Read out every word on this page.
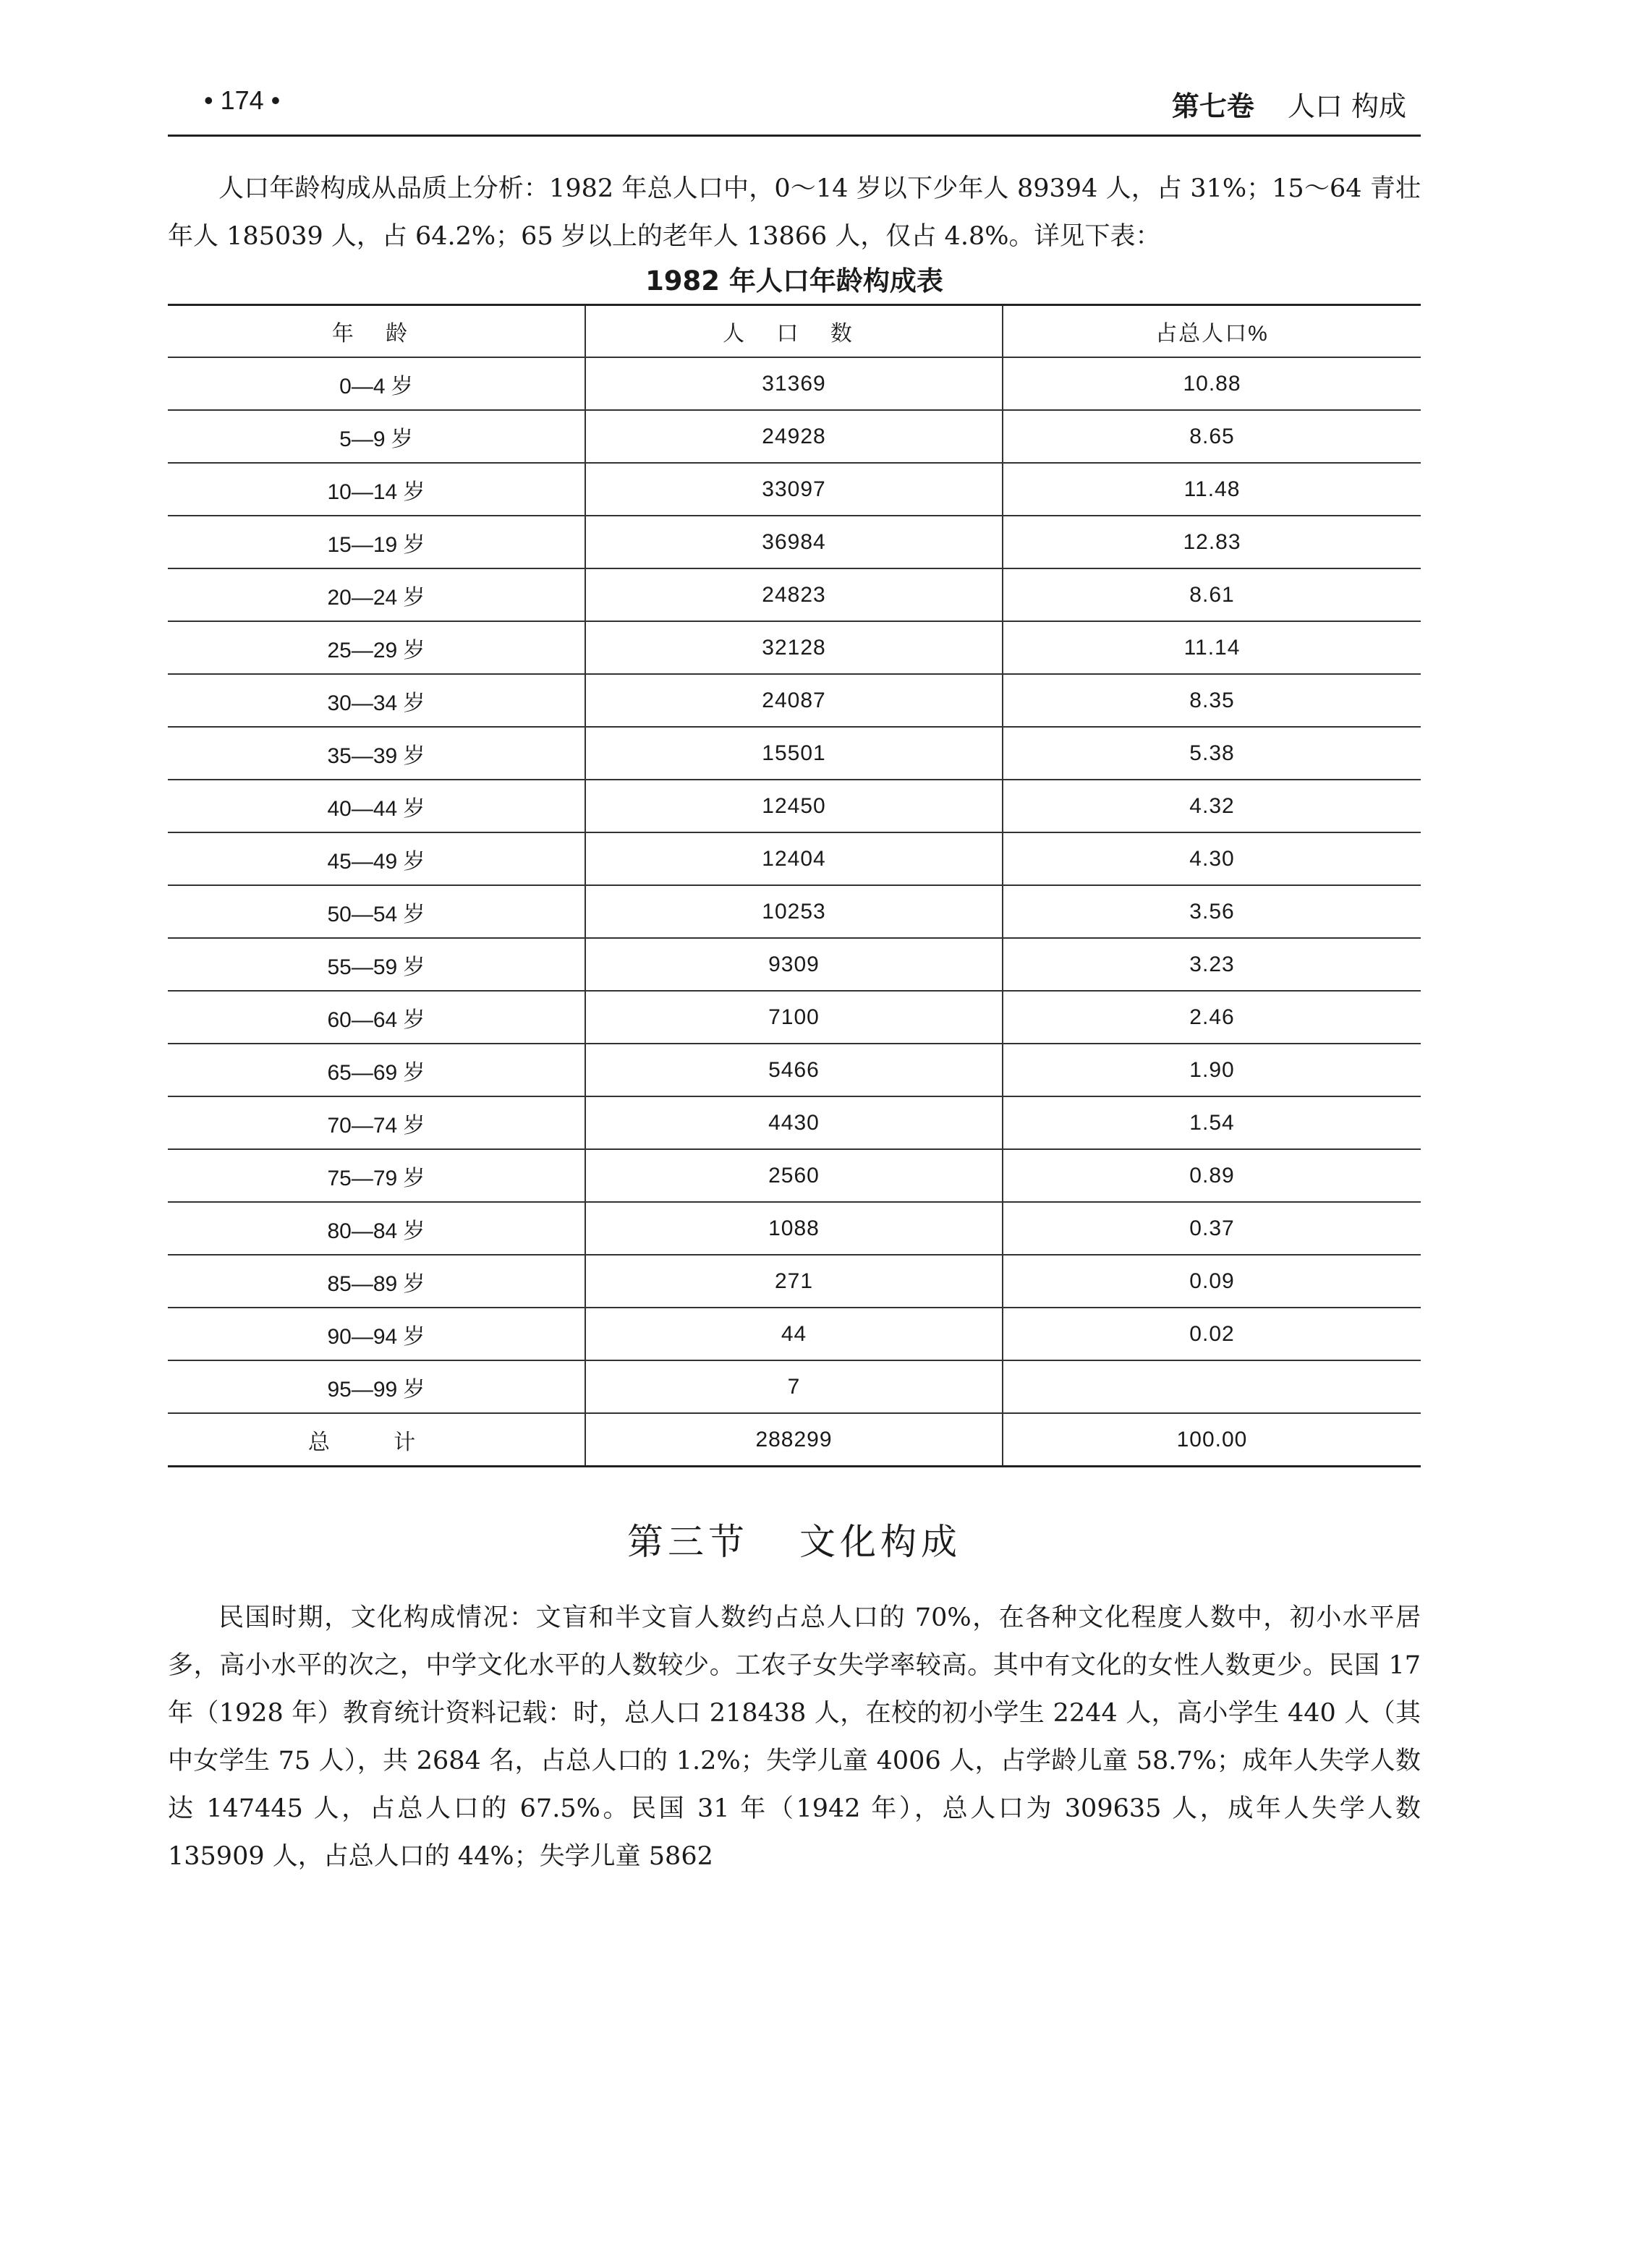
• 174 •	第七卷 人口 构成

人口年龄构成从品质上分析：1982 年总人口中，0～14 岁以下少年人 89394 人，占 31%；15～64 青壮年人 185039 人，占 64.2%；65 岁以上的老年人 13866 人，仅占 4.8%。详见下表：

1982 年人口年龄构成表
年 龄	人 口 数	占总人口%
0—4 岁	31369	10.88
5—9 岁	24928	8.65
10—14 岁	33097	11.48
15—19 岁	36984	12.83
20—24 岁	24823	8.61
25—29 岁	32128	11.14
30—34 岁	24087	8.35
35—39 岁	15501	5.38
40—44 岁	12450	4.32
45—49 岁	12404	4.30
50—54 岁	10253	3.56
55—59 岁	9309	3.23
60—64 岁	7100	2.46
65—69 岁	5466	1.90
70—74 岁	4430	1.54
75—79 岁	2560	0.89
80—84 岁	1088	0.37
85—89 岁	271	0.09
90—94 岁	44	0.02
95—99 岁	7	
总 计	288299	100.00
第三节 文化构成

民国时期，文化构成情况：文盲和半文盲人数约占总人口的 70%，在各种文化程度人数中，初小水平居多，高小水平的次之，中学文化水平的人数较少。工农子女失学率较高。其中有文化的女性人数更少。民国 17 年（1928 年）教育统计资料记载：时，总人口 218438 人，在校的初小学生 2244 人，高小学生 440 人（其中女学生 75 人），共 2684 名，占总人口的 1.2%；失学儿童 4006 人，占学龄儿童 58.7%；成年人失学人数达 147445 人，占总人口的 67.5%。民国 31 年（1942 年），总人口为 309635 人，成年人失学人数 135909 人，占总人口的 44%；失学儿童 5862
